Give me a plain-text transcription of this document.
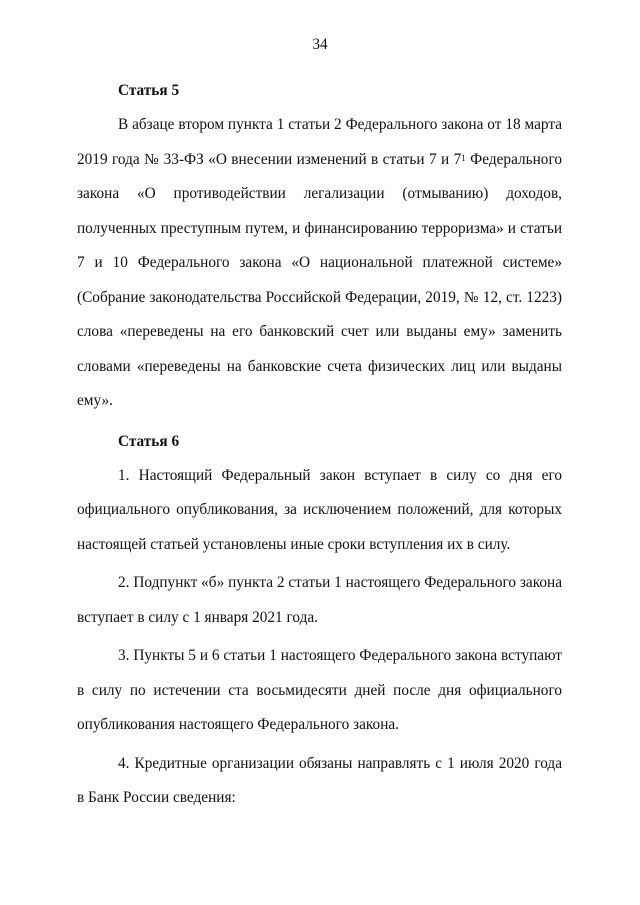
34

Статья 5

В абзаце втором пункта 1 статьи 2 Федерального закона от 18 марта 2019 года № 33-ФЗ «О внесении изменений в статьи 7 и $7^1$ Федерального закона «О противодействии легализации (отмыванию) доходов, полученных преступным путем, и финансированию терроризма» и статьи 7 и 10 Федерального закона «О национальной платежной системе» (Собрание законодательства Российской Федерации, 2019, № 12, ст. 1223) слова «переведены на его банковский счет или выданы ему» заменить словами «переведены на банковские счета физических лиц или выданы ему».

Статья 6

1. Настоящий Федеральный закон вступает в силу со дня его официального опубликования, за исключением положений, для которых настоящей статьей установлены иные сроки вступления их в силу.

2. Подпункт «б» пункта 2 статьи 1 настоящего Федерального закона вступает в силу с 1 января 2021 года.

3. Пункты 5 и 6 статьи 1 настоящего Федерального закона вступают в силу по истечении ста восьмидесяти дней после дня официального опубликования настоящего Федерального закона.

4. Кредитные организации обязаны направлять с 1 июля 2020 года в Банк России сведения:
